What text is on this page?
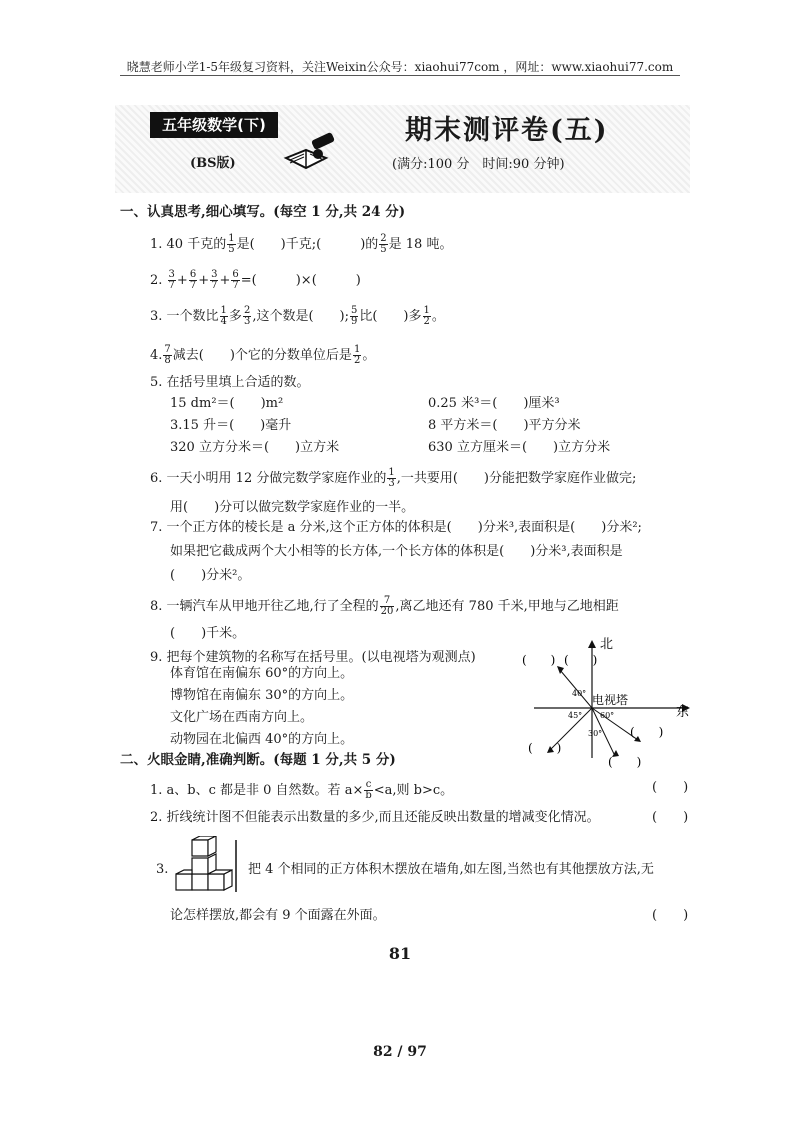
晓慧老师小学1-5年级复习资料，关注Weixin公众号：xiaohui77com ，网址：www.xiaohui77.com
五年级数学(下)
(BS版)
期末测评卷(五)
(满分:100 分　时间:90 分钟)
一、认真思考,细心填写。(每空 1 分,共 24 分)
1. 40 千克的 $\frac{1}{5}$ 是(　　)千克;(　　　)的 $\frac{2}{5}$ 是 18 吨。
2. $\frac{3}{7} + \frac{6}{7} + \frac{3}{7} + \frac{6}{7}$ =(　　　)×(　　　)
3. 一个数比 $\frac{1}{4}$ 多 $\frac{2}{3}$ ,这个数是(　　); $\frac{5}{9}$ 比(　　)多 $\frac{1}{2}$ 。
4. $\frac{7}{8}$ 减去(　　)个它的分数单位后是 $\frac{1}{2}$ 。
5. 在括号里填上合适的数。
15 dm²＝(　　)m²	0.25 米³＝(　　)厘米³
3.15 升＝(　　)毫升	8 平方米＝(　　)平方分米
320 立方分米＝(　　)立方米	630 立方厘米＝(　　)立方分米
6. 一天小明用 12 分做完数学家庭作业的 $\frac{1}{3}$ ,一共要用(　　)分能把数学家庭作业做完;
用(　　)分可以做完数学家庭作业的一半。
7. 一个正方体的棱长是 a 分米,这个正方体的体积是(　　)分米³,表面积是(　　)分米²;
如果把它截成两个大小相等的长方体,一个长方体的体积是(　　)分米³,表面积是
(　　)分米²。
8. 一辆汽车从甲地开往乙地,行了全程的 $\frac{7}{20}$ ,离乙地还有 780 千米,甲地与乙地相距
(　　)千米。
9. 把每个建筑物的名称写在括号里。(以电视塔为观测点)
体育馆在南偏东 60°的方向上。
博物馆在南偏东 30°的方向上。
文化广场在西南方向上。
动物园在北偏西 40°的方向上。
北
东
电视塔
40°
45°
30°
60°
(　　) (　　)
(　　)
(　　)
(　　)
二、火眼金睛,准确判断。(每题 1 分,共 5 分)
1. a、b、c 都是非 0 自然数。若 $a\times \frac{c}{b} <a$,则 b>c。	(　　)
2. 折线统计图不但能表示出数量的多少,而且还能反映出数量的增减变化情况。	(　　)
3.	把 4 个相同的正方体积木摆放在墙角,如左图,当然也有其他摆放方法,无
论怎样摆放,都会有 9 个面露在外面。	(　　)
81
82 / 97
